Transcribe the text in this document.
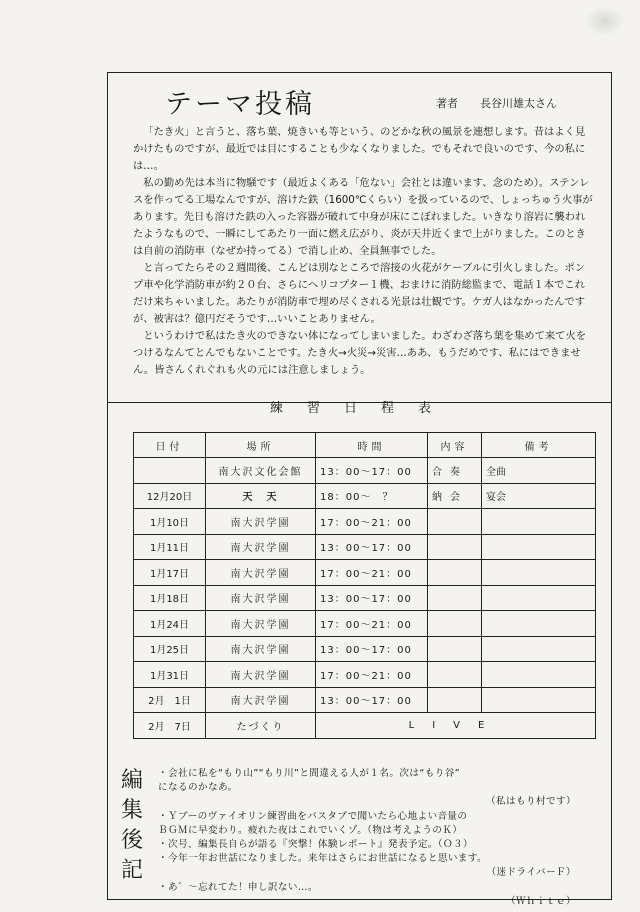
テーマ投稿	著者 長谷川雄太さん

「たき火」と言うと、落ち葉、焼きいも等という、のどかな秋の風景を連想します。昔はよく見かけたものですが、最近では目にすることも少なくなりました。でもそれで良いのです、今の私には…。

私の勤め先は本当に物騒です（最近よくある「危ない」会社とは違います、念のため）。ステンレスを作ってる工場なんですが、溶けた鉄（1600℃くらい）を扱っているので、しょっちゅう火事があります。先日も溶けた鉄の入った容器が破れて中身が床にこぼれました。いきなり溶岩に襲われたようなもので、一瞬にしてあたり一面に燃え広がり、炎が天井近くまで上がりました。このときは自前の消防車（なぜか持ってる）で消し止め、全員無事でした。

と言ってたらその２週間後、こんどは別なところで溶接の火花がケーブルに引火しました。ポンプ車や化学消防車が約２０台、さらにヘリコプター１機、おまけに消防総監まで、電話１本でこれだけ来ちゃいました。あたりが消防車で埋め尽くされる光景は壮観です。ケガ人はなかったんですが、被害は？億円だそうです…いいことありません。

というわけで私はたき火のできない体になってしまいました。わざわざ落ち葉を集めて来て火をつけるなんてとんでもないことです。たき火→火災→災害…ああ、もうだめです、私にはできません。皆さんくれぐれも火の元には注意しましょう。

練習日程表
日付	場所	時間	内容	備考
	南大沢文化会館	13：00〜17：00	合奏	全曲
12月20日	天　天	18：00〜　？	納会	宴会
1月10日	南大沢学園	17：00〜21：00		
1月11日	南大沢学園	13：00〜17：00		
1月17日	南大沢学園	17：00〜21：00		
1月18日	南大沢学園	13：00〜17：00		
1月24日	南大沢学園	17：00〜21：00		
1月25日	南大沢学園	13：00〜17：00		
1月31日	南大沢学園	17：00〜21：00		
2月　1日	南大沢学園	13：00〜17：00		
2月　7日	たづくり	LIVE		
編
集
後
記
・会社に私を“もり山”“もり川”と間違える人が１名。次は“もり谷”
になるのかなあ。
（私はもり村です）
・Ｙブーのヴァイオリン練習曲をバスタブで聞いたら心地よい音量の
ＢＧＭに早変わり。疲れた夜はこれでいくゾ。（物は考えようのＫ）
・次号、編集長自らが語る『突撃！体験レポート』発表予定。（Ｏ３）
・今年一年お世話になりました。来年はさらにお世話になると思います。
（迷ドライバーＦ）
・あ゛〜忘れてた！申し訳ない…。
（Ｗｈｉｔｅ）
